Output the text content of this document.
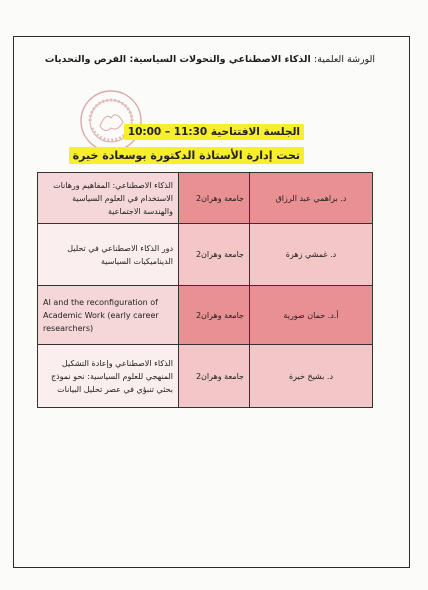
الورشة العلمية: الذكاء الاصطناعي والتحولات السياسية: الفرص والتحديات
الجلسة الافتتاحية 10:00 – 11:30
تحت إدارة الأستاذة الدكتورة بوسعادة خيرة
د. براهمي عبد الرزاق	جامعة وهران2	الذكاء الاصطناعي: المفاهيم ورهانات الاستخدام في العلوم السياسية والهندسة الاجتماعية
د. غمشي زهرة	جامعة وهران2	دور الذكاء الاصطناعي في تحليل الديناميكيات السياسية
أ.د. حمان صورية	جامعة وهران2	AI and the reconfiguration of Academic Work (early career researchers)
د. بشيخ خيرة	جامعة وهران2	الذكاء الاصطناعي وإعادة التشكيل المنهجي للعلوم السياسية: نحو نموذج بحثي تنبؤي في عصر تحليل البيانات
